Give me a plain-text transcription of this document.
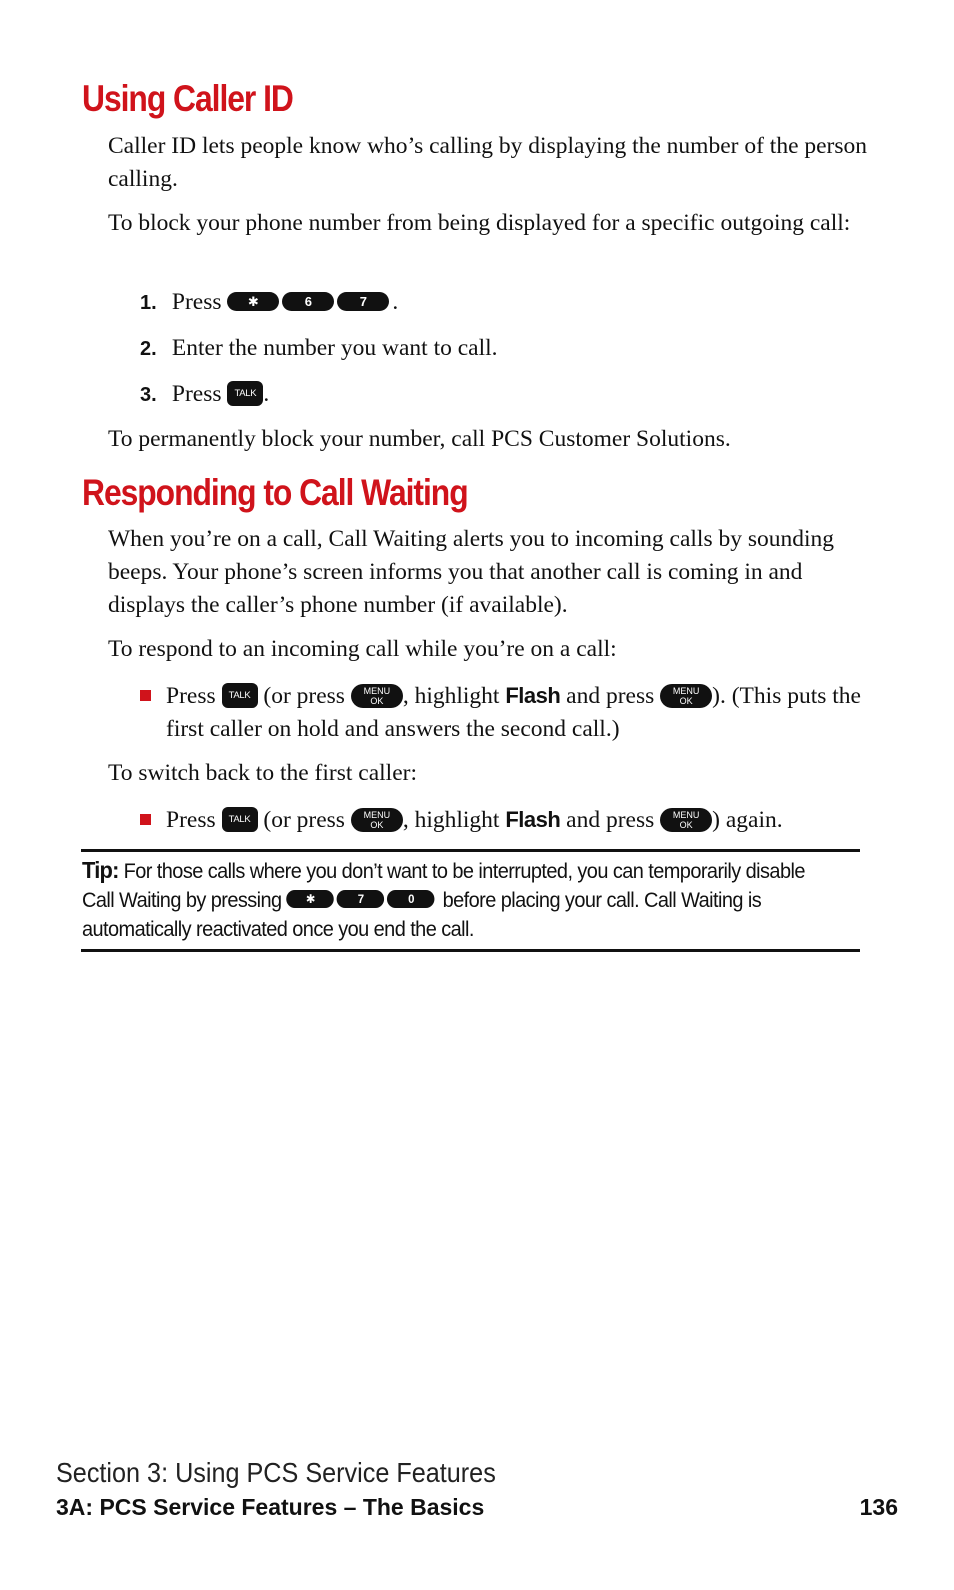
Using Caller ID

Caller ID lets people know who’s calling by displaying the number of the person calling.

To block your phone number from being displayed for a specific outgoing call:

1. Press ✱	6	7 .
2. Enter the number you want to call.
3. Press TALK .

To permanently block your number, call PCS Customer Solutions.

Responding to Call Waiting

When you’re on a call, Call Waiting alerts you to incoming calls by sounding beeps. Your phone’s screen informs you that another call is coming in and displays the caller’s phone number (if available).

To respond to an incoming call while you’re on a call:

Press TALK (or press	MENU
OK , highlight Flash and press	MENU
OK ). (This puts the first caller on hold and answers the second call.)

To switch back to the first caller:

Press TALK (or press	MENU
OK , highlight Flash and press	MENU
OK ) again.
Tip: For those calls where you don’t want to be interrupted, you can temporarily disable Call Waiting by pressing ✱	7	0 before placing your call. Call Waiting is automatically reactivated once you end the call.
Section 3: Using PCS Service Features
3A: PCS Service Features – The Basics	136
